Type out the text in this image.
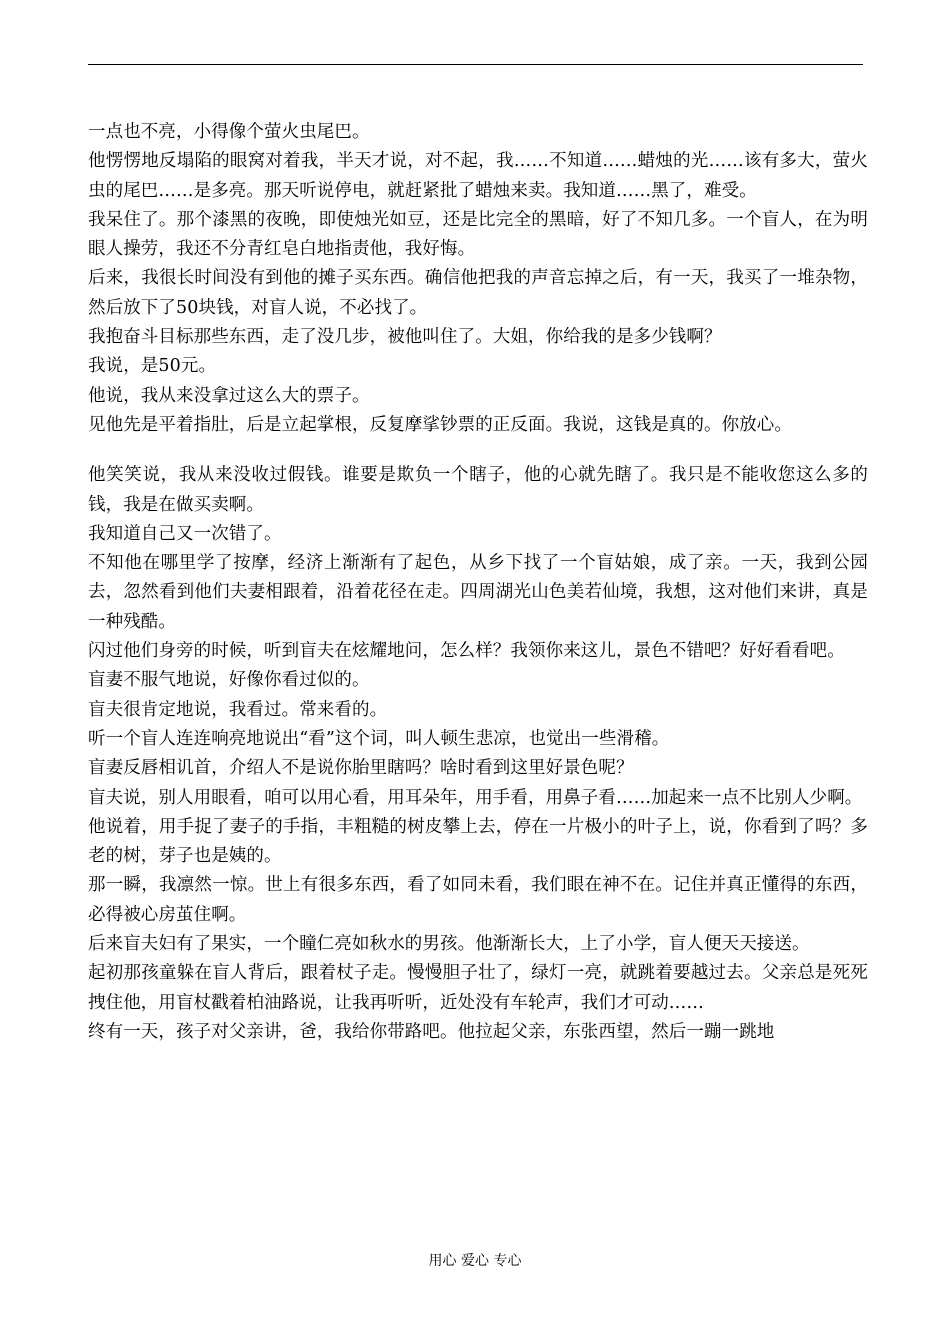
一点也不亮，小得像个萤火虫尾巴。

他愣愣地反塌陷的眼窝对着我，半天才说，对不起，我……不知道……蜡烛的光……该有多大，萤火虫的尾巴……是多亮。那天听说停电，就赶紧批了蜡烛来卖。我知道……黑了，难受。

我呆住了。那个漆黑的夜晚，即使烛光如豆，还是比完全的黑暗，好了不知几多。一个盲人，在为明眼人操劳，我还不分青红皂白地指责他，我好悔。

后来，我很长时间没有到他的摊子买东西。确信他把我的声音忘掉之后，有一天，我买了一堆杂物，然后放下了50块钱，对盲人说，不必找了。

我抱奋斗目标那些东西，走了没几步，被他叫住了。大姐，你给我的是多少钱啊？

我说，是50元。

他说，我从来没拿过这么大的票子。

见他先是平着指肚，后是立起掌根，反复摩挲钞票的正反面。我说，这钱是真的。你放心。

他笑笑说，我从来没收过假钱。谁要是欺负一个瞎子，他的心就先瞎了。我只是不能收您这么多的钱，我是在做买卖啊。

我知道自己又一次错了。

不知他在哪里学了按摩，经济上渐渐有了起色，从乡下找了一个盲姑娘，成了亲。一天，我到公园去，忽然看到他们夫妻相跟着，沿着花径在走。四周湖光山色美若仙境，我想，这对他们来讲，真是一种残酷。

闪过他们身旁的时候，听到盲夫在炫耀地问，怎么样？我领你来这儿，景色不错吧？好好看看吧。

盲妻不服气地说，好像你看过似的。

盲夫很肯定地说，我看过。常来看的。

听一个盲人连连响亮地说出“看”这个词，叫人顿生悲凉，也觉出一些滑稽。

盲妻反唇相讥首，介绍人不是说你胎里瞎吗？啥时看到这里好景色呢？

盲夫说，别人用眼看，咱可以用心看，用耳朵年，用手看，用鼻子看……加起来一点不比别人少啊。

他说着，用手捉了妻子的手指，丰粗糙的树皮攀上去，停在一片极小的叶子上，说，你看到了吗？多老的树，芽子也是姨的。

那一瞬，我凛然一惊。世上有很多东西，看了如同未看，我们眼在神不在。记住并真正懂得的东西，必得被心房茧住啊。

后来盲夫妇有了果实，一个瞳仁亮如秋水的男孩。他渐渐长大，上了小学，盲人便天天接送。

起初那孩童躲在盲人背后，跟着杖子走。慢慢胆子壮了，绿灯一亮，就跳着要越过去。父亲总是死死拽住他，用盲杖戳着柏油路说，让我再听听，近处没有车轮声，我们才可动……

终有一天，孩子对父亲讲，爸，我给你带路吧。他拉起父亲，东张西望，然后一蹦一跳地

用心 爱心 专心
